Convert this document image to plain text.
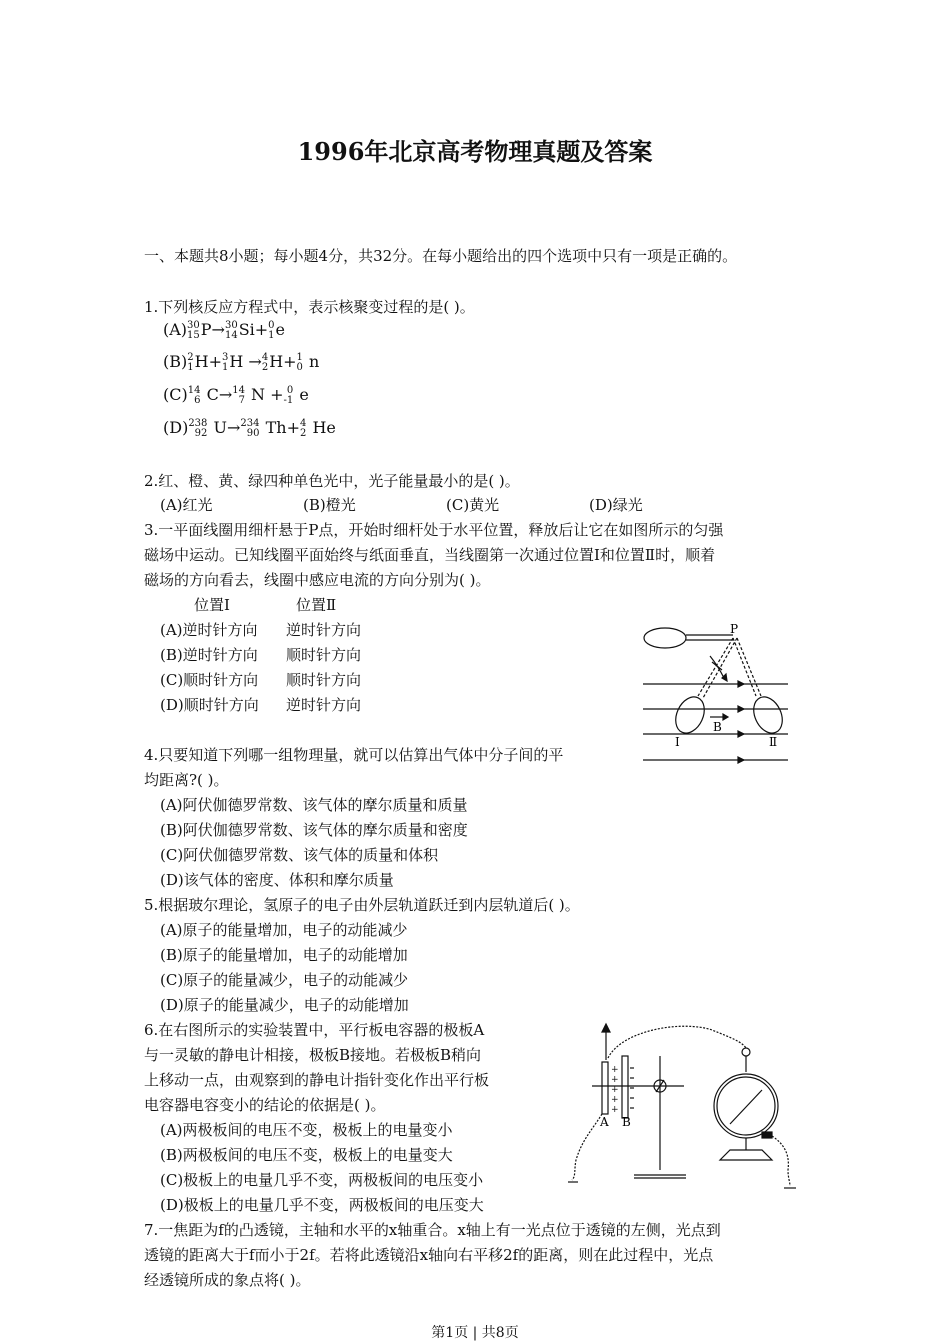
1996年北京高考物理真题及答案
一、本题共8小题；每小题4分，共32分。在每小题给出的四个选项中只有一项是正确的。
1.下列核反应方程式中，表示核聚变过程的是( )。
(A) 30
15 P→ 30
14 Si+ 0
1 e
(B) 2
1 H+ 3
1 H → 4
2 H+ 1
0 n
(C) 14
6 C→ 14
7 N + 0
-1 e
(D) 238
92 U→ 234
90 Th+ 4
2 He
2.红、橙、黄、绿四种单色光中，光子能量最小的是( )。
(A)红光	(B)橙光	(C)黄光	(D)绿光
3.一平面线圈用细杆悬于P点，开始时细杆处于水平位置，释放后让它在如图所示的匀强
磁场中运动。已知线圈平面始终与纸面垂直，当线圈第一次通过位置Ⅰ和位置Ⅱ时，顺着
磁场的方向看去，线圈中感应电流的方向分别为( )。
位置Ⅰ	位置Ⅱ
(A)逆时针方向 逆时针方向
(B)逆时针方向 顺时针方向
(C)顺时针方向 顺时针方向
(D)顺时针方向 逆时针方向
P
B
Ⅰ	Ⅱ
4.只要知道下列哪一组物理量，就可以估算出气体中分子间的平
均距离?( )。
(A)阿伏伽德罗常数、该气体的摩尔质量和质量
(B)阿伏伽德罗常数、该气体的摩尔质量和密度
(C)阿伏伽德罗常数、该气体的质量和体积
(D)该气体的密度、体积和摩尔质量
5.根据玻尔理论，氢原子的电子由外层轨道跃迁到内层轨道后( )。
(A)原子的能量增加，电子的动能减少
(B)原子的能量增加，电子的动能增加
(C)原子的能量减少，电子的动能减少
(D)原子的能量减少，电子的动能增加
6.在右图所示的实验装置中，平行板电容器的极板A
与一灵敏的静电计相接，极板B接地。若极板B稍向
上移动一点，由观察到的静电计指针变化作出平行板
电容器电容变小的结论的依据是( )。
(A)两极板间的电压不变，极板上的电量变小
(B)两极板间的电压不变，极板上的电量变大
(C)极板上的电量几乎不变，两极板间的电压变小
(D)极板上的电量几乎不变，两极板间的电压变大
+
+
+
+
+
A B
7.一焦距为f的凸透镜，主轴和水平的x轴重合。x轴上有一光点位于透镜的左侧，光点到
透镜的距离大于f而小于2f。若将此透镜沿x轴向右平移2f的距离，则在此过程中，光点
经透镜所成的象点将( )。
第1页 | 共8页
